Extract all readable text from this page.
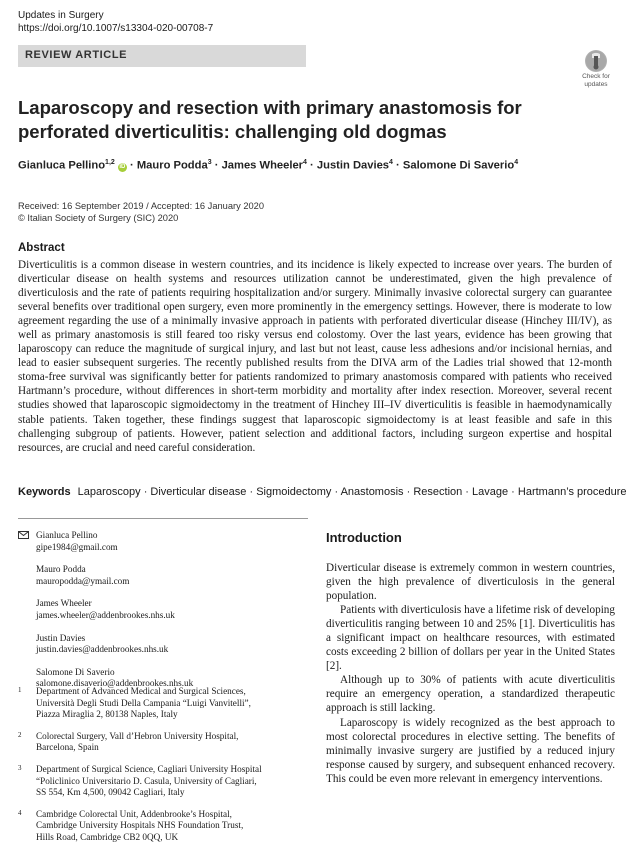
Updates in Surgery
https://doi.org/10.1007/s13304-020-00708-7
REVIEW ARTICLE
Check for
updates
Laparoscopy and resection with primary anastomosis for perforated diverticulitis: challenging old dogmas
Gianluca Pellino$^{1,2}$ iD · Mauro Podda$^3$ · James Wheeler$^4$ · Justin Davies$^4$ · Salomone Di Saverio$^4$
Received: 16 September 2019 / Accepted: 16 January 2020
© Italian Society of Surgery (SIC) 2020
Abstract

Diverticulitis is a common disease in western countries, and its incidence is likely expected to increase over years. The burden of diverticular disease on health systems and resources utilization cannot be underestimated, given the high prevalence of diverticulosis and the rate of patients requiring hospitalization and/or surgery. Minimally invasive colorectal surgery can guarantee several benefits over traditional open surgery, even more prominently in the emergency settings. However, there is moderate to low agreement regarding the use of a minimally invasive approach in patients with perforated diverticular disease (Hinchey III/IV), as well as primary anastomosis is still feared too risky versus end colostomy. Over the last years, evidence has been growing that laparoscopy can reduce the magnitude of surgical injury, and last but not least, cause less adhesions and/or incisional hernias, and lead to easier subsequent surgeries. The recently published results from the DIVA arm of the Ladies trial showed that 12-month stoma-free survival was significantly better for patients randomized to primary anastomosis compared with patients who received Hartmann’s procedure, without differences in short-term morbidity and mortality after index resection. Moreover, several recent studies showed that laparoscopic sigmoidectomy in the treatment of Hinchey III–IV diverticulitis is feasible in haemodynamically stable patients. Taken together, these findings suggest that laparoscopic sigmoidectomy is at least feasible and safe in this challenging subgroup of patients. However, patient selection and additional factors, including surgeon expertise and hospital resources, are crucial and need careful consideration.

Keywords Laparoscopy · Diverticular disease · Sigmoidectomy · Anastomosis · Resection · Lavage · Hartmann’s procedure
Gianluca Pellino
gipe1984@gmail.com
Mauro Podda
mauropodda@ymail.com
James Wheeler
james.wheeler@addenbrookes.nhs.uk
Justin Davies
justin.davies@addenbrookes.nhs.uk
Salomone Di Saverio
salomone.disaverio@addenbrookes.nhs.uk
1 Department of Advanced Medical and Surgical Sciences,
Università Degli Studi Della Campania “Luigi Vanvitelli”,
Piazza Miraglia 2, 80138 Naples, Italy
2 Colorectal Surgery, Vall d’Hebron University Hospital,
Barcelona, Spain
3 Department of Surgical Science, Cagliari University Hospital
“Policlinico Universitario D. Casula, University of Cagliari,
SS 554, Km 4,500, 09042 Cagliari, Italy
4 Cambridge Colorectal Unit, Addenbrooke’s Hospital,
Cambridge University Hospitals NHS Foundation Trust,
Hills Road, Cambridge CB2 0QQ, UK
Introduction

Diverticular disease is extremely common in western countries, given the high prevalence of diverticulosis in the general population.

Patients with diverticulosis have a lifetime risk of developing diverticulitis ranging between 10 and 25% [1]. Diverticulitis has a significant impact on healthcare resources, with estimated costs exceeding 2 billion of dollars per year in the United States [2].

Although up to 30% of patients with acute diverticulitis require an emergency operation, a standardized therapeutic approach is still lacking.

Laparoscopy is widely recognized as the best approach to most colorectal procedures in elective setting. The benefits of minimally invasive surgery are justified by a reduced injury response caused by surgery, and subsequent enhanced recovery. This could be even more relevant in emergency interventions.
